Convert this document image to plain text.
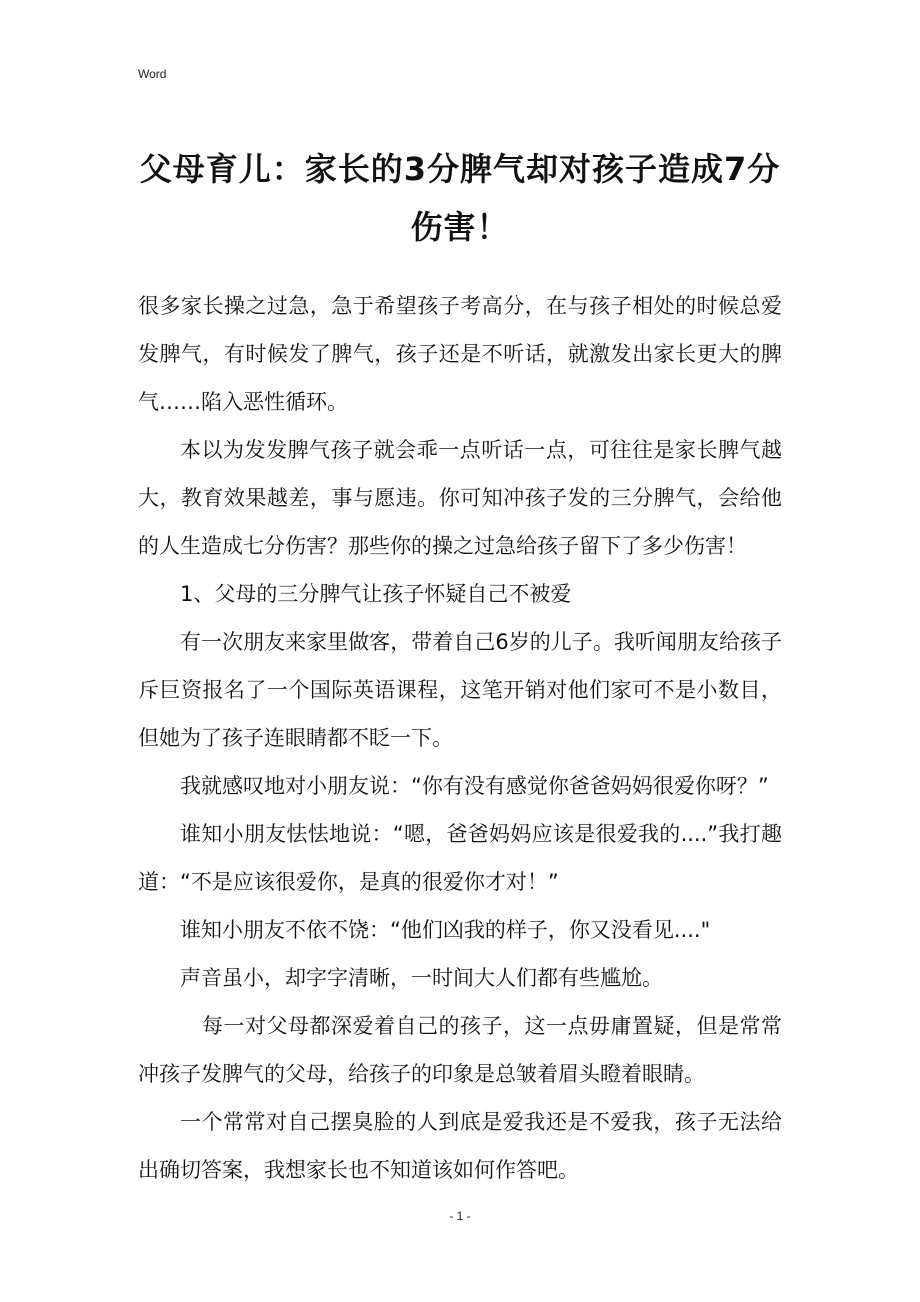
Word
父母育儿：家长的3分脾气却对孩子造成7分伤害！

很多家长操之过急，急于希望孩子考高分，在与孩子相处的时候总爱发脾气，有时候发了脾气，孩子还是不听话，就激发出家长更大的脾气……陷入恶性循环。

本以为发发脾气孩子就会乖一点听话一点，可往往是家长脾气越大，教育效果越差，事与愿违。你可知冲孩子发的三分脾气，会给他的人生造成七分伤害？那些你的操之过急给孩子留下了多少伤害！

1、父母的三分脾气让孩子怀疑自己不被爱

有一次朋友来家里做客，带着自己6岁的儿子。我听闻朋友给孩子斥巨资报名了一个国际英语课程，这笔开销对他们家可不是小数目，但她为了孩子连眼睛都不眨一下。

我就感叹地对小朋友说：“你有没有感觉你爸爸妈妈很爱你呀？”

谁知小朋友怯怯地说：“嗯，爸爸妈妈应该是很爱我的....”我打趣道：“不是应该很爱你，是真的很爱你才对！”

谁知小朋友不依不饶：“他们凶我的样子，你又没看见...."

声音虽小，却字字清晰，一时间大人们都有些尴尬。

每一对父母都深爱着自己的孩子，这一点毋庸置疑，但是常常冲孩子发脾气的父母，给孩子的印象是总皱着眉头瞪着眼睛。

一个常常对自己摆臭脸的人到底是爱我还是不爱我，孩子无法给出确切答案，我想家长也不知道该如何作答吧。

- 1 -
